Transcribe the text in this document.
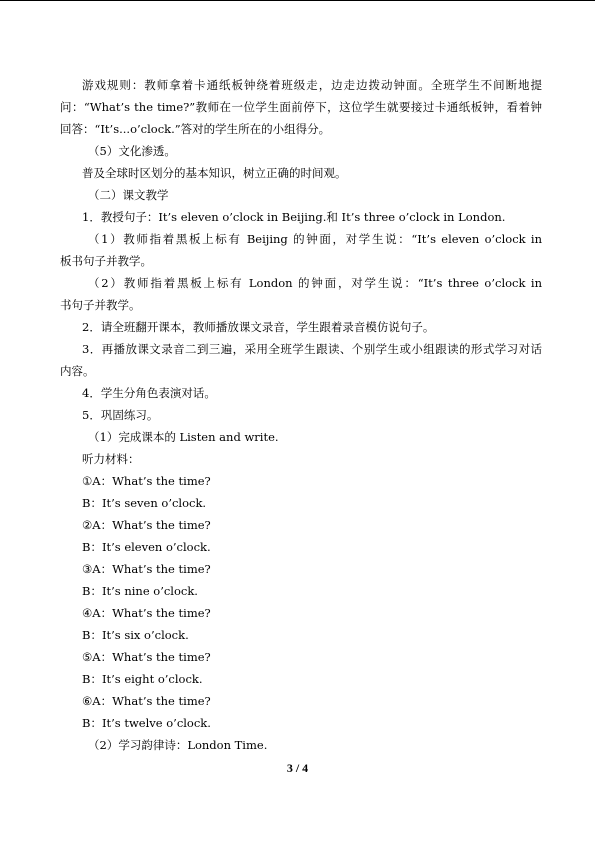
游戏规则：教师拿着卡通纸板钟绕着班级走，边走边拨动钟面。全班学生不间断地提
问：“What’s the time?”教师在一位学生面前停下，这位学生就要接过卡通纸板钟，看着钟
回答：“It’s...o’clock.”答对的学生所在的小组得分。
（5）文化渗透。
普及全球时区划分的基本知识，树立正确的时间观。
（二）课文教学
1．教授句子：It’s eleven o’clock in Beijing.和 It’s three o’clock in London.
（1）教师指着黑板上标有 Beijing 的钟面，对学生说：“It’s eleven o’clock in
板书句子并教学。
（2）教师指着黑板上标有 London 的钟面，对学生说：“It’s three o’clock in
书句子并教学。
2．请全班翻开课本，教师播放课文录音，学生跟着录音模仿说句子。
3．再播放课文录音二到三遍，采用全班学生跟读、个别学生或小组跟读的形式学习对话
内容。
4．学生分角色表演对话。
5．巩固练习。
（1）完成课本的 Listen and write.
听力材料：
①A：What’s the time?
B：It’s seven o’clock.
②A：What’s the time?
B：It’s eleven o’clock.
③A：What’s the time?
B：It’s nine o’clock.
④A：What’s the time?
B：It’s six o’clock.
⑤A：What’s the time?
B：It’s eight o’clock.
⑥A：What’s the time?
B：It’s twelve o’clock.
（2）学习韵律诗：London Time.
3 / 4
